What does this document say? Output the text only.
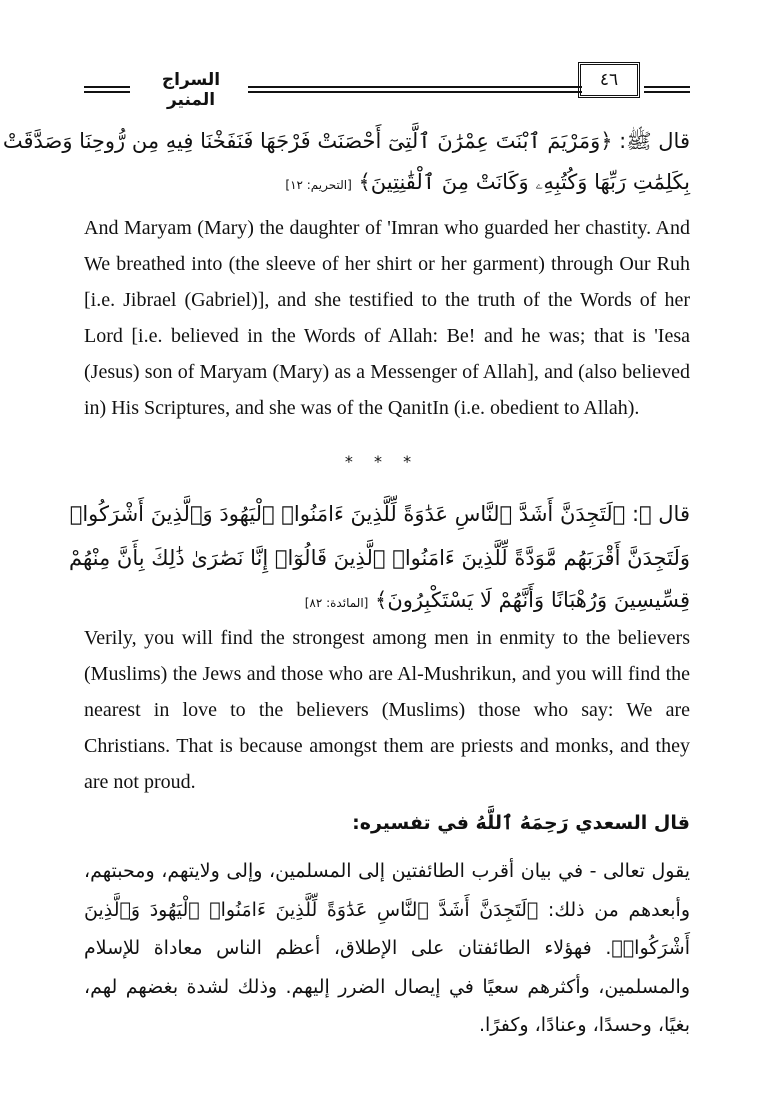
السراج المنير
٤٦
قال ﷺ: ﴿وَمَرْيَمَ ٱبْنَتَ عِمْرَٰنَ ٱلَّتِىٓ أَحْصَنَتْ فَرْجَهَا فَنَفَخْنَا فِيهِ مِن رُّوحِنَا وَصَدَّقَتْ
بِكَلِمَٰتِ رَبِّهَا وَكُتُبِهِۦ وَكَانَتْ مِنَ ٱلْقَٰنِتِينَ﴾ [التحريم: ١٢]

And Maryam (Mary) the daughter of 'Imran who guarded her chastity. And We breathed into (the sleeve of her shirt or her garment) through Our Ruh [i.e. Jibrael (Gabriel)], and she testified to the truth of the Words of her Lord [i.e. believed in the Words of Allah: Be! and he was; that is 'Iesa (Jesus) son of Maryam (Mary) as a Messenger of Allah], and (also believed in) His Scriptures, and she was of the QanitIn (i.e. obedient to Allah).

* * *
قال ﷺ: ﴿لَتَجِدَنَّ أَشَدَّ ٱلنَّاسِ عَدَٰوَةً لِّلَّذِينَ ءَامَنُوا۟ ٱلْيَهُودَ وَٱلَّذِينَ أَشْرَكُوا۟
وَلَتَجِدَنَّ أَقْرَبَهُم مَّوَدَّةً لِّلَّذِينَ ءَامَنُوا۟ ٱلَّذِينَ قَالُوٓا۟ إِنَّا نَصَٰرَىٰ ذَٰلِكَ بِأَنَّ مِنْهُمْ
قِسِّيسِينَ وَرُهْبَانًا وَأَنَّهُمْ لَا يَسْتَكْبِرُونَ﴾ [المائدة: ٨٢]

Verily, you will find the strongest among men in enmity to the believers (Muslims) the Jews and those who are Al-Mushrikun, and you will find the nearest in love to the believers (Muslims) those who say: We are Christians. That is because amongst them are priests and monks, and they are not proud.

قال السعدي رَحِمَهُ ٱللَّهُ في تفسيره:

يقول تعالى - في بيان أقرب الطائفتين إلى المسلمين، وإلى ولايتهم، ومحبتهم، وأبعدهم من ذلك: ﴿لَتَجِدَنَّ أَشَدَّ ٱلنَّاسِ عَدَٰوَةً لِّلَّذِينَ ءَامَنُوا۟ ٱلْيَهُودَ وَٱلَّذِينَ أَشْرَكُوا۟﴾. فهؤلاء الطائفتان على الإطلاق، أعظم الناس معاداة للإسلام والمسلمين، وأكثرهم سعيًا في إيصال الضرر إليهم. وذلك لشدة بغضهم لهم، بغيًا، وحسدًا، وعنادًا، وكفرًا.
